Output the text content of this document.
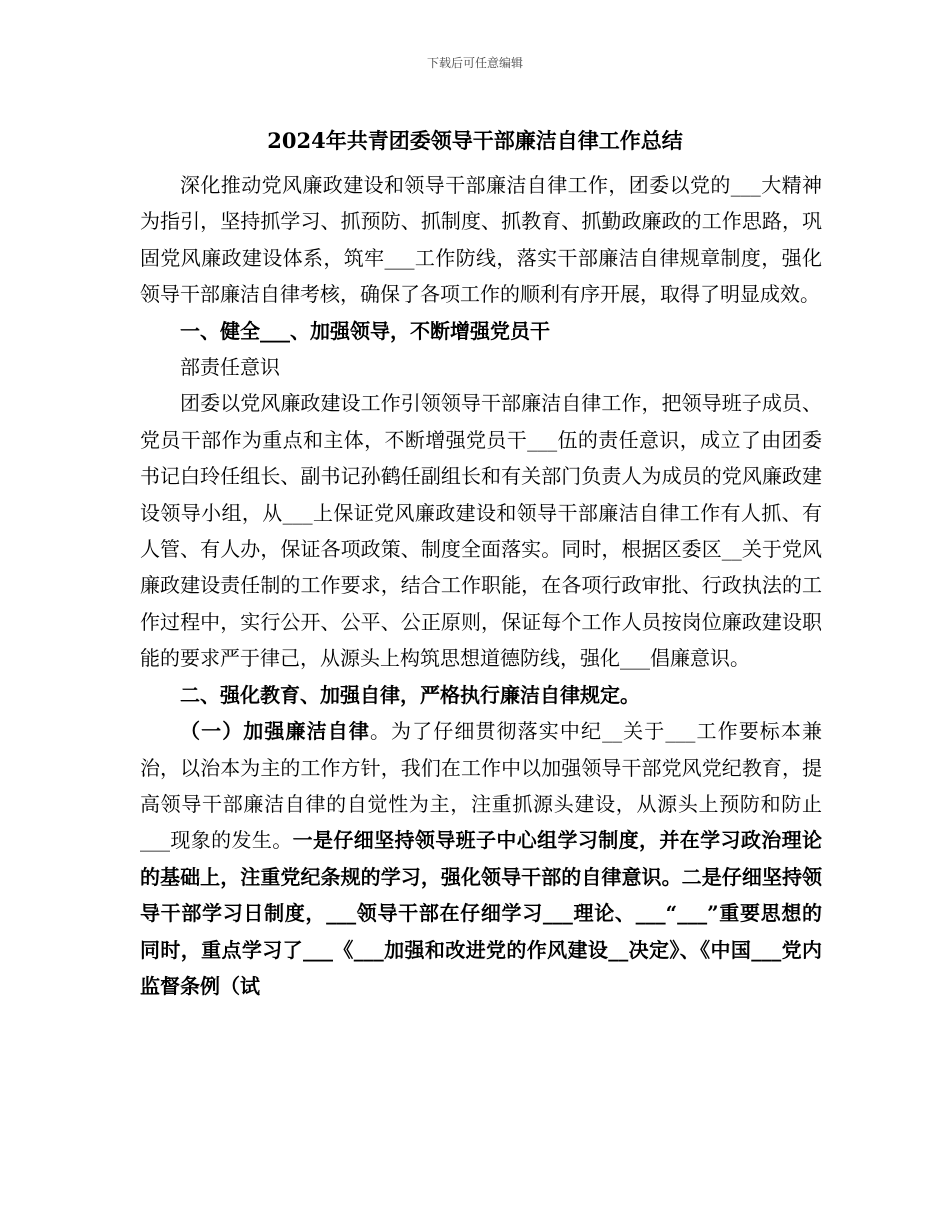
下载后可任意编辑
2024年共青团委领导干部廉洁自律工作总结

深化推动党风廉政建设和领导干部廉洁自律工作，团委以党的___大精神为指引，坚持抓学习、抓预防、抓制度、抓教育、抓勤政廉政的工作思路，巩固党风廉政建设体系，筑牢___工作防线，落实干部廉洁自律规章制度，强化领导干部廉洁自律考核，确保了各项工作的顺利有序开展，取得了明显成效。

一、健全___、加强领导，不断增强党员干

部责任意识

团委以党风廉政建设工作引领领导干部廉洁自律工作，把领导班子成员、党员干部作为重点和主体，不断增强党员干___伍的责任意识，成立了由团委书记白玲任组长、副书记孙鹤任副组长和有关部门负责人为成员的党风廉政建设领导小组，从___上保证党风廉政建设和领导干部廉洁自律工作有人抓、有人管、有人办，保证各项政策、制度全面落实。同时，根据区委区__关于党风廉政建设责任制的工作要求，结合工作职能，在各项行政审批、行政执法的工作过程中，实行公开、公平、公正原则，保证每个工作人员按岗位廉政建设职能的要求严于律己，从源头上构筑思想道德防线，强化___倡廉意识。

二、强化教育、加强自律，严格执行廉洁自律规定。

（一）加强廉洁自律。为了仔细贯彻落实中纪__关于___工作要标本兼治，以治本为主的工作方针，我们在工作中以加强领导干部党风党纪教育，提高领导干部廉洁自律的自觉性为主，注重抓源头建设，从源头上预防和防止___现象的发生。一是仔细坚持领导班子中心组学习制度，并在学习政治理论的基础上，注重党纪条规的学习，强化领导干部的自律意识。二是仔细坚持领导干部学习日制度，___领导干部在仔细学习___理论、___“___”重要思想的同时，重点学习了___《___加强和改进党的作风建设__决定》、《中国___党内监督条例（试
